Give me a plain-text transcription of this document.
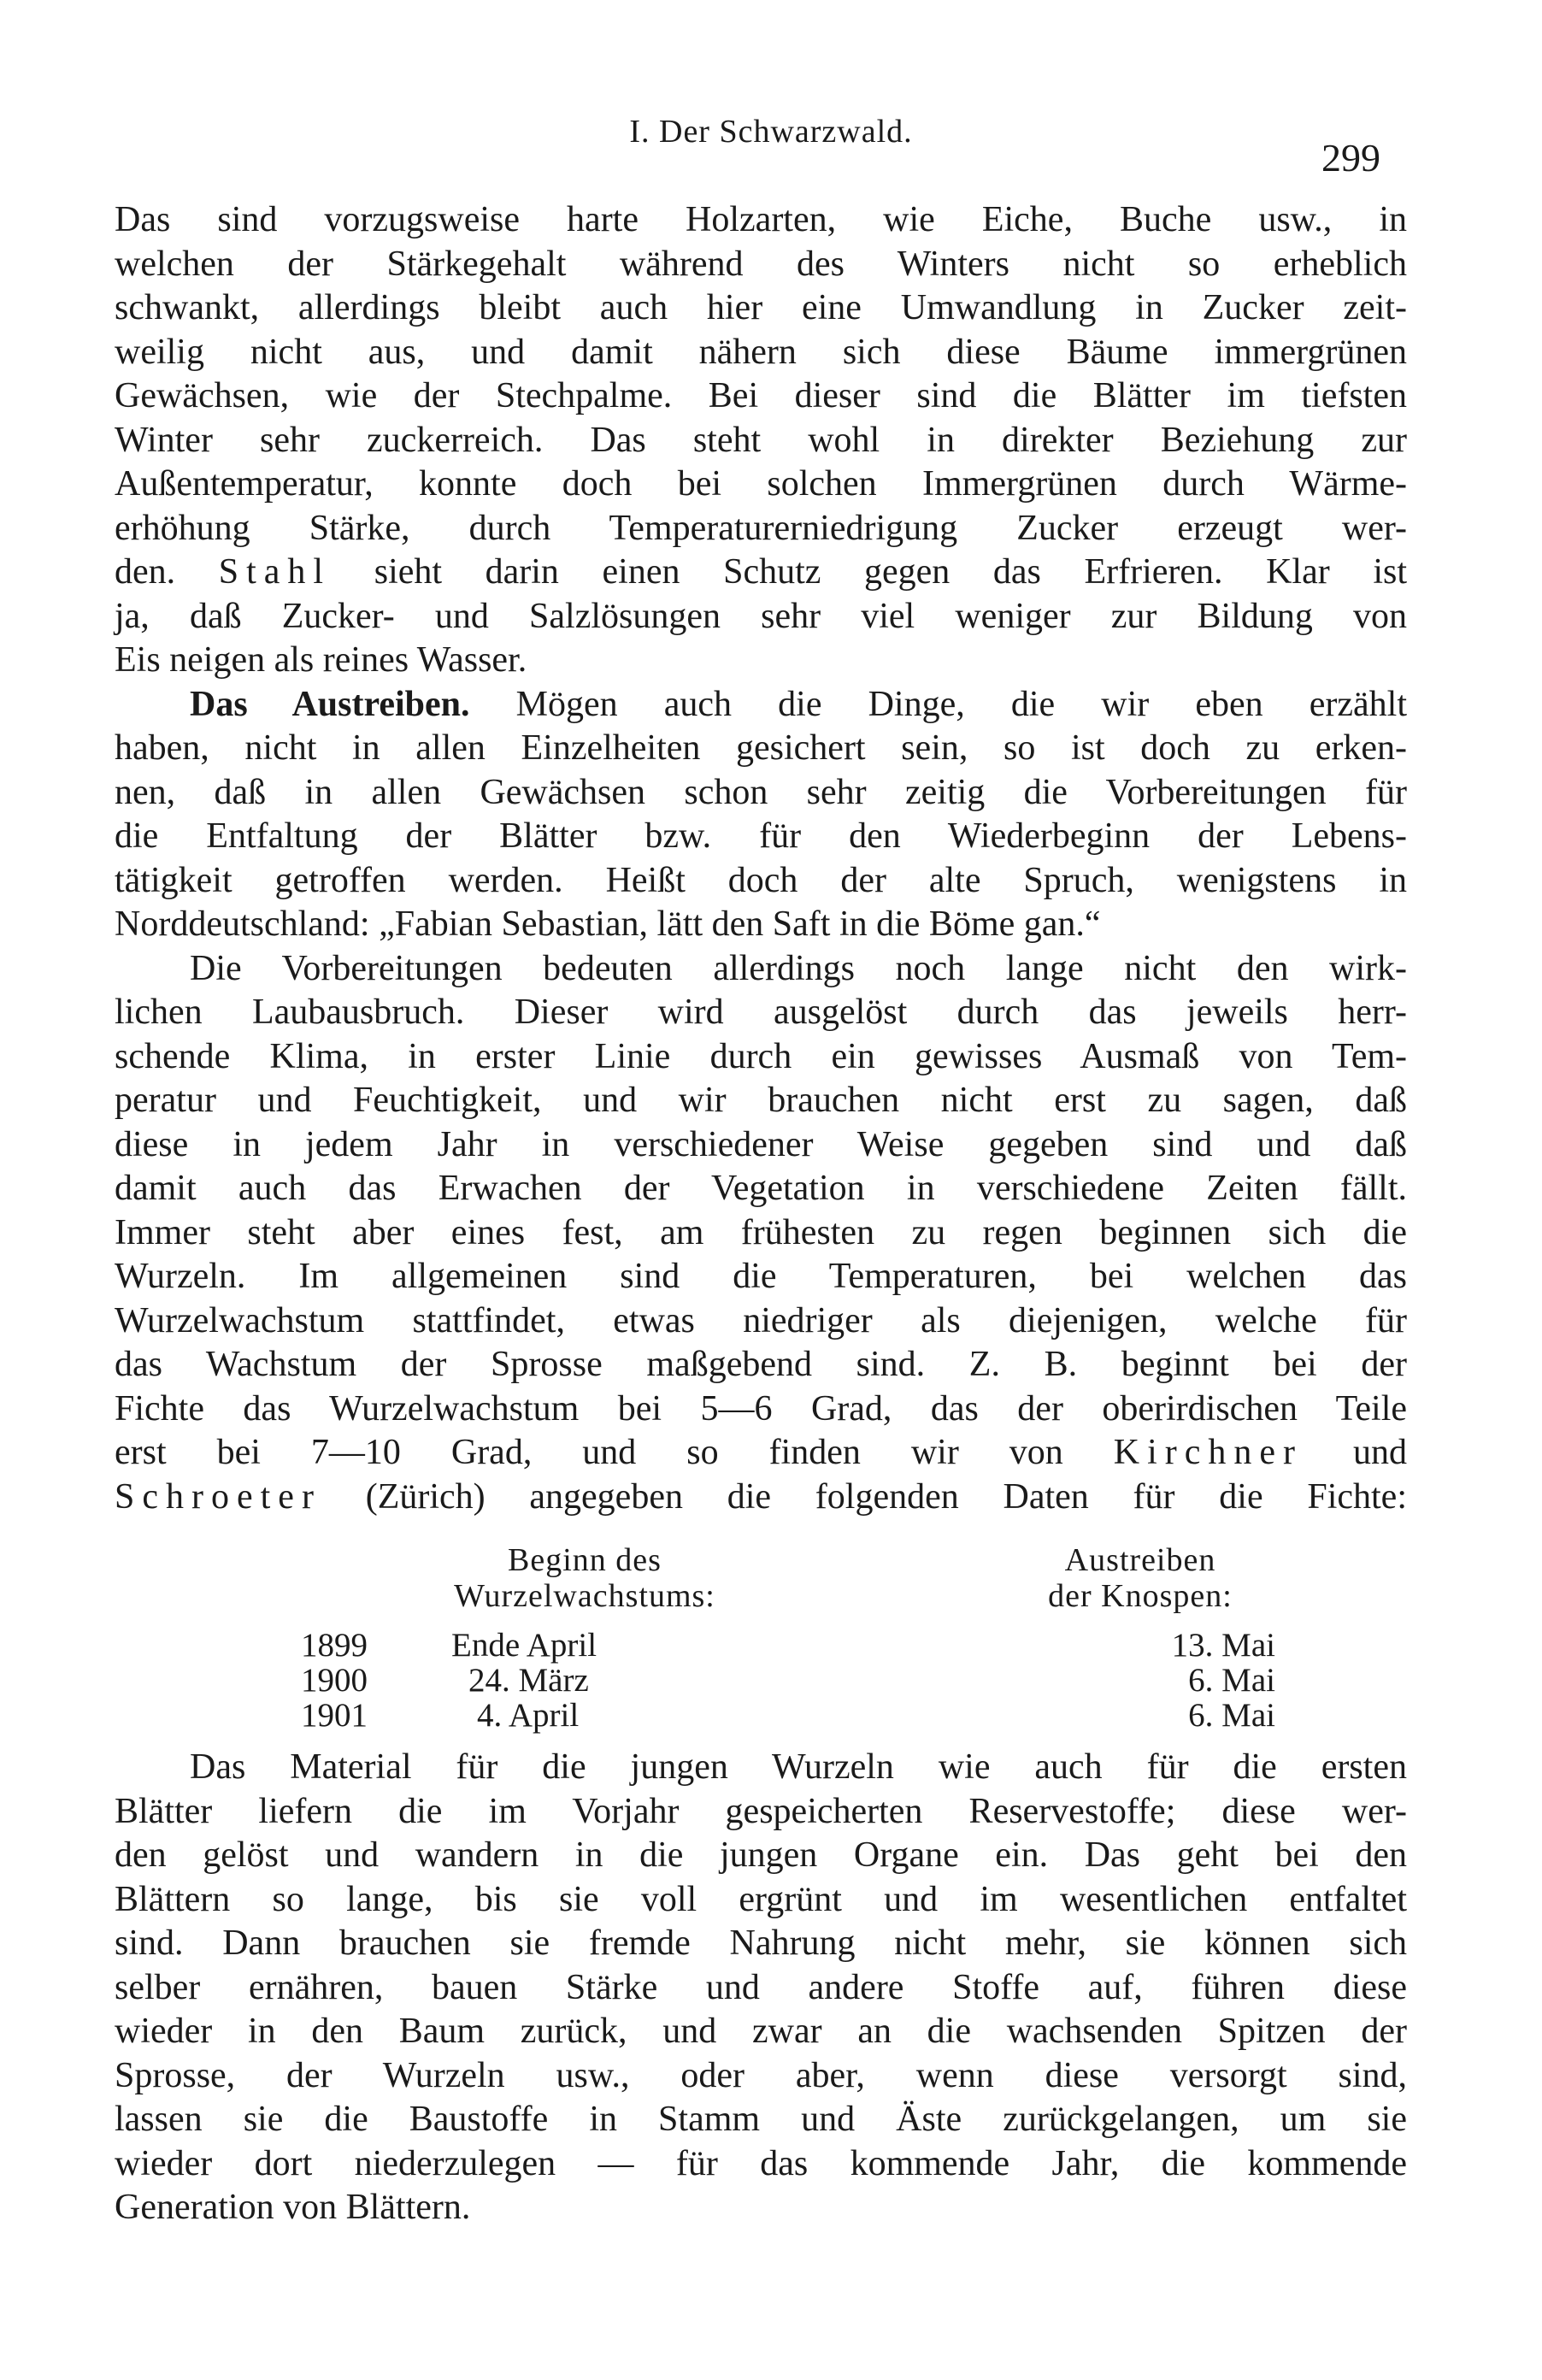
I. Der Schwarzwald.
299
Das sind vorzugsweise harte Holzarten, wie Eiche, Buche usw., in
welchen der Stärkegehalt während des Winters nicht so erheblich
schwankt, allerdings bleibt auch hier eine Umwandlung in Zucker zeit-
weilig nicht aus, und damit nähern sich diese Bäume immergrünen
Gewächsen, wie der Stechpalme. Bei dieser sind die Blätter im tiefsten
Winter sehr zuckerreich. Das steht wohl in direkter Beziehung zur
Außentemperatur, konnte doch bei solchen Immergrünen durch Wärme-
erhöhung Stärke, durch Temperaturerniedrigung Zucker erzeugt wer-
den. Stahl sieht darin einen Schutz gegen das Erfrieren. Klar ist
ja, daß Zucker- und Salzlösungen sehr viel weniger zur Bildung von
Eis neigen als reines Wasser.
Das Austreiben. Mögen auch die Dinge, die wir eben erzählt
haben, nicht in allen Einzelheiten gesichert sein, so ist doch zu erken-
nen, daß in allen Gewächsen schon sehr zeitig die Vorbereitungen für
die Entfaltung der Blätter bzw. für den Wiederbeginn der Lebens-
tätigkeit getroffen werden. Heißt doch der alte Spruch, wenigstens in
Norddeutschland: „Fabian Sebastian, lätt den Saft in die Böme gan.“
Die Vorbereitungen bedeuten allerdings noch lange nicht den wirk-
lichen Laubausbruch. Dieser wird ausgelöst durch das jeweils herr-
schende Klima, in erster Linie durch ein gewisses Ausmaß von Tem-
peratur und Feuchtigkeit, und wir brauchen nicht erst zu sagen, daß
diese in jedem Jahr in verschiedener Weise gegeben sind und daß
damit auch das Erwachen der Vegetation in verschiedene Zeiten fällt.
Immer steht aber eines fest, am frühesten zu regen beginnen sich die
Wurzeln. Im allgemeinen sind die Temperaturen, bei welchen das
Wurzelwachstum stattfindet, etwas niedriger als diejenigen, welche für
das Wachstum der Sprosse maßgebend sind. Z. B. beginnt bei der
Fichte das Wurzelwachstum bei 5—6 Grad, das der oberirdischen Teile
erst bei 7—10 Grad, und so finden wir von Kirchner und
Schroeter (Zürich) angegeben die folgenden Daten für die Fichte:
Beginn des
Wurzelwachstums:
Austreiben
der Knospen:
1899	Ende April	13. Mai
1900	24. März	6. Mai
1901	4. April	6. Mai
Das Material für die jungen Wurzeln wie auch für die ersten
Blätter liefern die im Vorjahr gespeicherten Reservestoffe; diese wer-
den gelöst und wandern in die jungen Organe ein. Das geht bei den
Blättern so lange, bis sie voll ergrünt und im wesentlichen entfaltet
sind. Dann brauchen sie fremde Nahrung nicht mehr, sie können sich
selber ernähren, bauen Stärke und andere Stoffe auf, führen diese
wieder in den Baum zurück, und zwar an die wachsenden Spitzen der
Sprosse, der Wurzeln usw., oder aber, wenn diese versorgt sind,
lassen sie die Baustoffe in Stamm und Äste zurückgelangen, um sie
wieder dort niederzulegen — für das kommende Jahr, die kommende
Generation von Blättern.
